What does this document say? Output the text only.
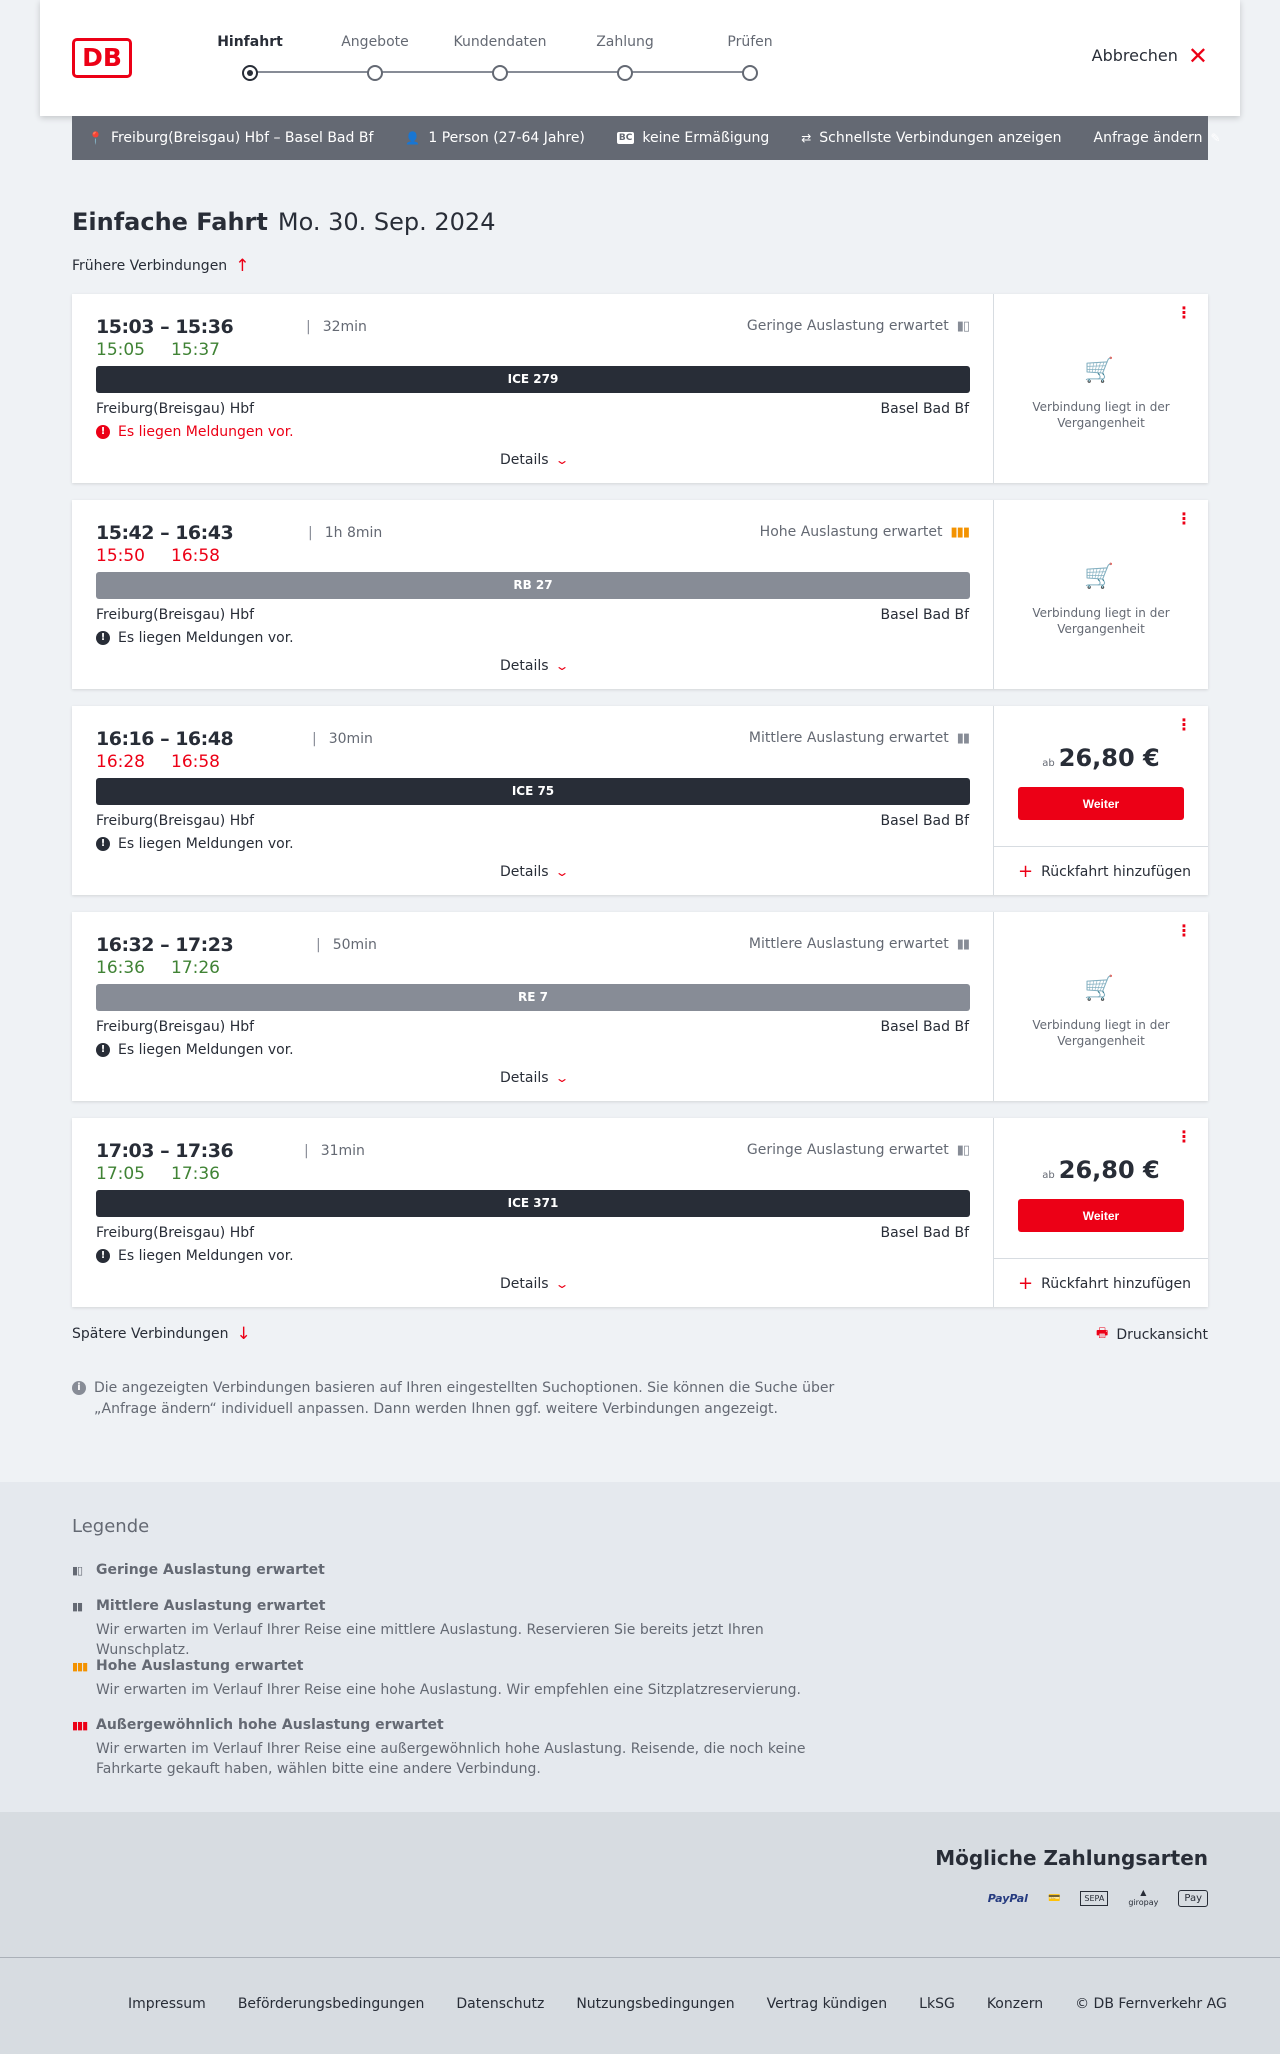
DB
Hinfahrt	Angebote	Kundendaten	Zahlung	Prüfen
Abbrechen ✕
📍 Freiburg(Breisgau) Hbf – Basel Bad Bf	👤 1 Person (27-64 Jahre)	BC keine Ermäßigung	⇄ Schnellste Verbindungen anzeigen Anfrage ändern ✎
Einfache Fahrt Mo. 30. Sep. 2024
Frühere Verbindungen ↑
15:03 – 15:36	| 32min
15:05 15:37
Geringe Auslastung erwartet ▮▯
ICE 279
Freiburg(Breisgau) Hbf	Basel Bad Bf
! Es liegen Meldungen vor.
Details ⌄
⋮
🛒
Verbindung liegt in der Vergangenheit
15:42 – 16:43	| 1h 8min
15:50 16:58
Hohe Auslastung erwartet ▮▮▮
RB 27
Freiburg(Breisgau) Hbf	Basel Bad Bf
! Es liegen Meldungen vor.
Details ⌄
⋮
🛒
Verbindung liegt in der Vergangenheit
16:16 – 16:48	| 30min
16:28 16:58
Mittlere Auslastung erwartet ▮▮
ICE 75
Freiburg(Breisgau) Hbf	Basel Bad Bf
! Es liegen Meldungen vor.
Details ⌄
⋮
ab 26,80 €
Weiter
+ Rückfahrt hinzufügen
16:32 – 17:23	| 50min
16:36 17:26
Mittlere Auslastung erwartet ▮▮
RE 7
Freiburg(Breisgau) Hbf	Basel Bad Bf
! Es liegen Meldungen vor.
Details ⌄
⋮
🛒
Verbindung liegt in der Vergangenheit
17:03 – 17:36	| 31min
17:05 17:36
Geringe Auslastung erwartet ▮▯
ICE 371
Freiburg(Breisgau) Hbf	Basel Bad Bf
! Es liegen Meldungen vor.
Details ⌄
⋮
ab 26,80 €
Weiter
+ Rückfahrt hinzufügen
Spätere Verbindungen ↓	🖶 Druckansicht
i Die angezeigten Verbindungen basieren auf Ihren eingestellten Suchoptionen. Sie können die Suche über „Anfrage ändern“ individuell anpassen. Dann werden Ihnen ggf. weitere Verbindungen angezeigt.
Legende
▮▯ Geringe Auslastung erwartet
▮▮ Mittlere Auslastung erwartet
Wir erwarten im Verlauf Ihrer Reise eine mittlere Auslastung. Reservieren Sie bereits jetzt Ihren Wunschplatz.
▮▮▮ Hohe Auslastung erwartet
Wir erwarten im Verlauf Ihrer Reise eine hohe Auslastung. Wir empfehlen eine Sitzplatzreservierung.
▮▮▮ Außergewöhnlich hohe Auslastung erwartet
Wir erwarten im Verlauf Ihrer Reise eine außergewöhnlich hohe Auslastung. Reisende, die noch keine Fahrkarte gekauft haben, wählen bitte eine andere Verbindung.
Mögliche Zahlungsarten
PayPal 💳	SEPA
▲
giropay	Pay
Impressum Beförderungsbedingungen Datenschutz Nutzungsbedingungen Vertrag kündigen LkSG Konzern © DB Fernverkehr AG
